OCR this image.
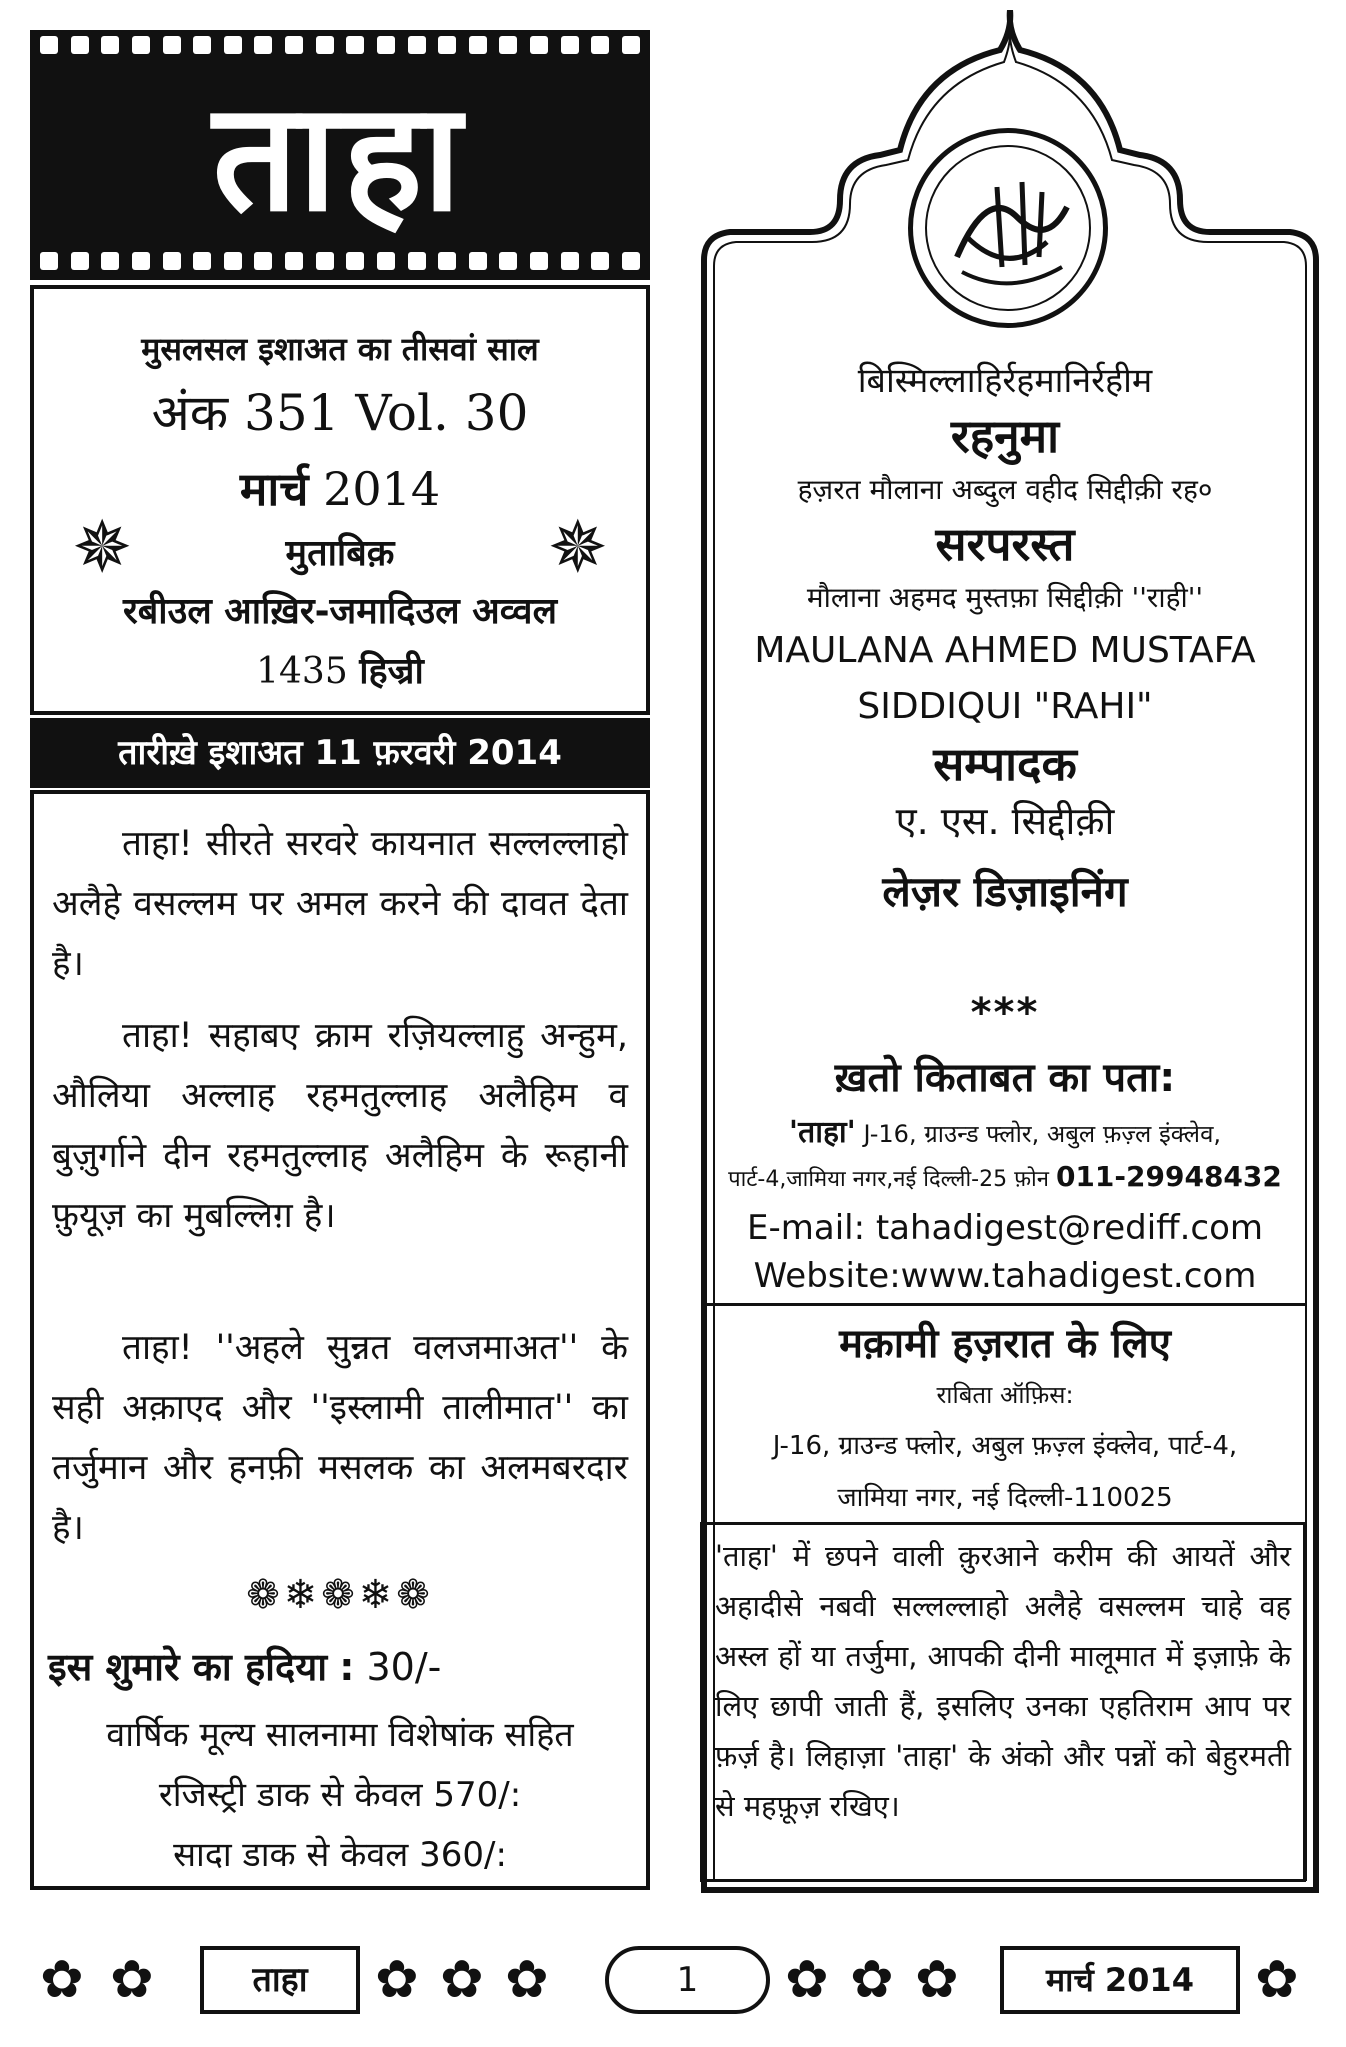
ताहा
मुसलसल इशाअत का तीसवां साल
अंक 351 Vol. 30
मार्च 2014
✵	✵
मुताबिक़
रबीउल आख़िर-जमादिउल अव्वल
1435 हिज्री
तारीख़े इशाअत 11 फ़रवरी 2014
ताहा! सीरते सरवरे कायनात सल्लल्लाहो अलैहे वसल्लम पर अमल करने की दावत देता है।
ताहा! सहाबए क्राम रज़ियल्लाहु अन्हुम, औलिया अल्लाह रहमतुल्लाह अलैहिम व बुज़ुर्गाने दीन रहमतुल्लाह अलैहिम के रूहानी फ़ुयूज़ का मुबल्लिग़ है।
ताहा! ''अहले सुन्नत वलजमाअत'' के सही अक़ाएद और ''इस्लामी तालीमात'' का तर्जुमान और हनफ़ी मसलक का अलमबरदार है।
❁❄❁❄❁
इस शुमारे का हदिया : 30/-
वार्षिक मूल्य सालनामा विशेषांक सहित
रजिस्ट्री डाक से केवल 570/:
सादा डाक से केवल 360/:
बिस्मिल्लाहिर्रहमानिर्रहीम
रहनुमा
हज़रत मौलाना अब्दुल वहीद सिद्दीक़ी रह०
सरपरस्त
मौलाना अहमद मुस्तफ़ा सिद्दीक़ी ''राही''
MAULANA AHMED MUSTAFA
SIDDIQUI "RAHI"
सम्पादक
ए. एस. सिद्दीक़ी
लेज़र डिज़ाइनिंग
***
ख़तो किताबत का पता:
'ताहा' J-16, ग्राउन्ड फ्लोर, अबुल फ़ज़्ल इंक्लेव,
पार्ट-4,जामिया नगर,नई दिल्ली-25 फ़ोन 011-29948432
E-mail: tahadigest@rediff.com
Website:www.tahadigest.com
मक़ामी हज़रात के लिए
राबिता ऑफ़िस:
J-16, ग्राउन्ड फ्लोर, अबुल फ़ज़्ल इंक्लेव, पार्ट-4,
जामिया नगर, नई दिल्ली-110025
'ताहा' में छपने वाली क़ुरआने करीम की आयतें और अहादीसे नबवी सल्लल्लाहो अलैहे वसल्लम चाहे वह अस्ल हों या तर्जुमा, आपकी दीनी मालूमात में इज़ाफ़े के लिए छापी जाती हैं, इसलिए उनका एहतिराम आप पर फ़र्ज़ है। लिहाज़ा 'ताहा' के अंको और पन्नों को बेहुरमती से महफ़ूज़ रखिए।
✿ ✿	ताहा	✿ ✿ ✿	1	✿ ✿ ✿	मार्च 2014	✿
